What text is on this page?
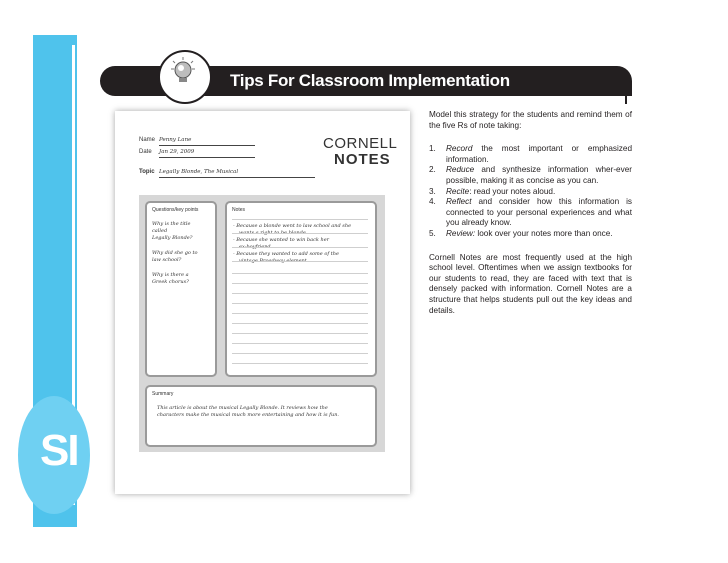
SI
Tips For Classroom Implementation
Name Penny Lane
Date Jan 29, 2009
Topic Legally Blonde, The Musical
CORNELL
NOTES
Questions/key points
Why is the title
called
Legally Blonde?
Why did she go to
law school?
Why is there a
Greek chorus?
Notes
- Because a blonde went to law school and she
- Because she wanted to win back her
- Because they wanted to add some of the
Summary
This article is about the musical Legally Blonde. It reviews how the
characters make the musical much more entertaining and how it is fun.

Model this strategy for the students and remind them of the five Rs of note taking:

1. Record the most important or emphasized information.
2. Reduce and synthesize information wher-ever possible, making it as concise as you can.
3. Recite: read your notes aloud.
4. Reflect and consider how this information is connected to your personal experiences and what you already know.
5. Review: look over your notes more than once.

Cornell Notes are most frequently used at the high school level. Oftentimes when we assign textbooks for our students to read, they are faced with text that is densely packed with information. Cornell Notes are a structure that helps students pull out the key ideas and details.
